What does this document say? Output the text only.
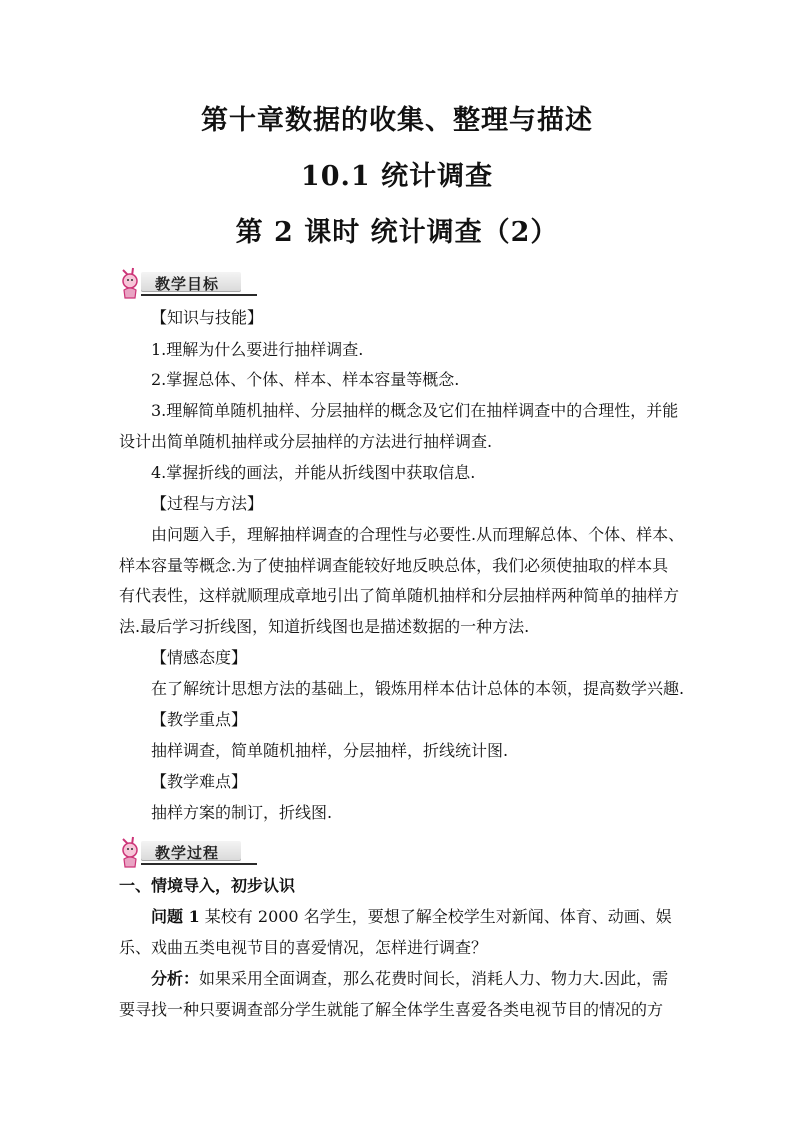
第十章数据的收集、整理与描述
10.1 统计调查
第 2 课时 统计调查（2）
教学目标
【知识与技能】
1.理解为什么要进行抽样调查.
2.掌握总体、个体、样本、样本容量等概念.
3.理解简单随机抽样、分层抽样的概念及它们在抽样调查中的合理性，并能
设计出简单随机抽样或分层抽样的方法进行抽样调查.
4.掌握折线的画法，并能从折线图中获取信息.
【过程与方法】
由问题入手，理解抽样调查的合理性与必要性.从而理解总体、个体、样本、
样本容量等概念.为了使抽样调查能较好地反映总体，我们必须使抽取的样本具
有代表性，这样就顺理成章地引出了简单随机抽样和分层抽样两种简单的抽样方
法.最后学习折线图，知道折线图也是描述数据的一种方法.
【情感态度】
在了解统计思想方法的基础上，锻炼用样本估计总体的本领，提高数学兴趣.
【教学重点】
抽样调查，简单随机抽样，分层抽样，折线统计图.
【教学难点】
抽样方案的制订，折线图.
教学过程
一、情境导入，初步认识
问题 1 某校有 2000 名学生，要想了解全校学生对新闻、体育、动画、娱
乐、戏曲五类电视节目的喜爱情况，怎样进行调查？
分析：如果采用全面调查，那么花费时间长，消耗人力、物力大.因此，需
要寻找一种只要调查部分学生就能了解全体学生喜爱各类电视节目的情况的方
